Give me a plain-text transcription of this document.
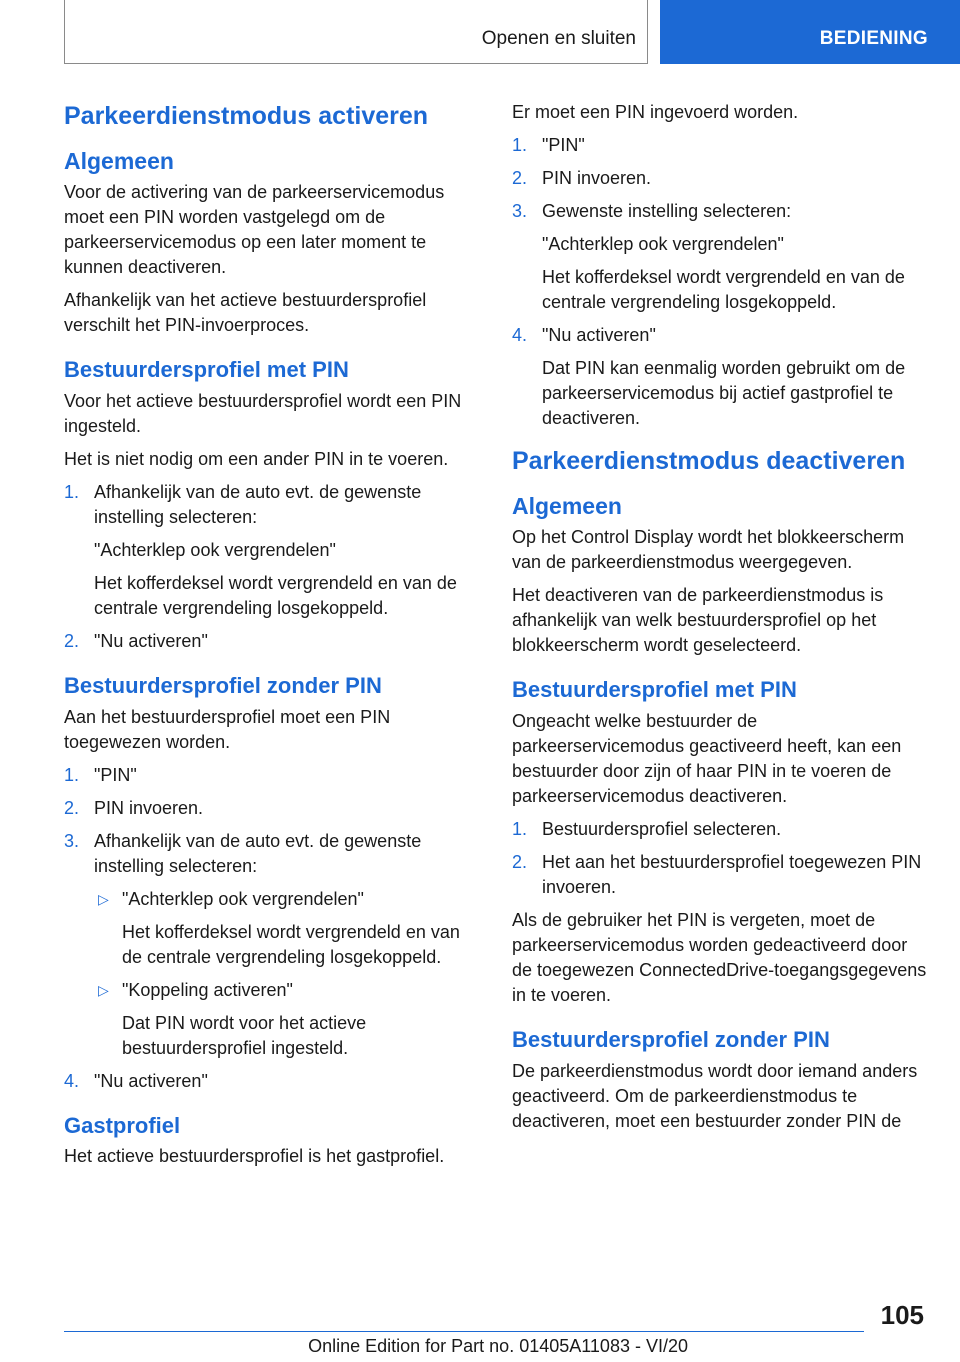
Openen en sluiten	BEDIENING
Parkeerdienstmodus activeren
Algemeen

Voor de activering van de parkeerservicemodus moet een PIN worden vastgelegd om de parkeerservicemodus op een later moment te kunnen deactiveren.

Afhankelijk van het actieve bestuurdersprofiel verschilt het PIN-invoerproces.

Bestuurdersprofiel met PIN

Voor het actieve bestuurdersprofiel wordt een PIN ingesteld.

Het is niet nodig om een ander PIN in te voeren.

1. Afhankelijk van de auto evt. de gewenste instelling selecteren:
"Achterklep ook vergrendelen"
Het kofferdeksel wordt vergrendeld en van de centrale vergrendeling losgekoppeld.
2. "Nu activeren"
Bestuurdersprofiel zonder PIN

Aan het bestuurdersprofiel moet een PIN toegewezen worden.

1. "PIN"
2. PIN invoeren.
3. Afhankelijk van de auto evt. de gewenste instelling selecteren:
▷ "Achterklep ook vergrendelen"
Het kofferdeksel wordt vergrendeld en van de centrale vergrendeling losgekoppeld.
▷ "Koppeling activeren"
Dat PIN wordt voor het actieve bestuurdersprofiel ingesteld.
4. "Nu activeren"
Gastprofiel

Het actieve bestuurdersprofiel is het gastprofiel.

Er moet een PIN ingevoerd worden.

1. "PIN"
2. PIN invoeren.
3. Gewenste instelling selecteren:
"Achterklep ook vergrendelen"
Het kofferdeksel wordt vergrendeld en van de centrale vergrendeling losgekoppeld.
4. "Nu activeren"
Dat PIN kan eenmalig worden gebruikt om de parkeerservicemodus bij actief gastprofiel te deactiveren.
Parkeerdienstmodus deactiveren
Algemeen

Op het Control Display wordt het blokkeerscherm van de parkeerdienstmodus weergegeven.

Het deactiveren van de parkeerdienstmodus is afhankelijk van welk bestuurdersprofiel op het blokkeerscherm wordt geselecteerd.

Bestuurdersprofiel met PIN

Ongeacht welke bestuurder de parkeerservicemodus geactiveerd heeft, kan een bestuurder door zijn of haar PIN in te voeren de parkeerservicemodus deactiveren.

1. Bestuurdersprofiel selecteren.
2. Het aan het bestuurdersprofiel toegewezen PIN invoeren.

Als de gebruiker het PIN is vergeten, moet de parkeerservicemodus worden gedeactiveerd door de toegewezen ConnectedDrive-toegangsgegevens in te voeren.

Bestuurdersprofiel zonder PIN

De parkeerdienstmodus wordt door iemand anders geactiveerd. Om de parkeerdienstmodus te deactiveren, moet een bestuurder zonder PIN de

105
Online Edition for Part no. 01405A11083 - VI/20
